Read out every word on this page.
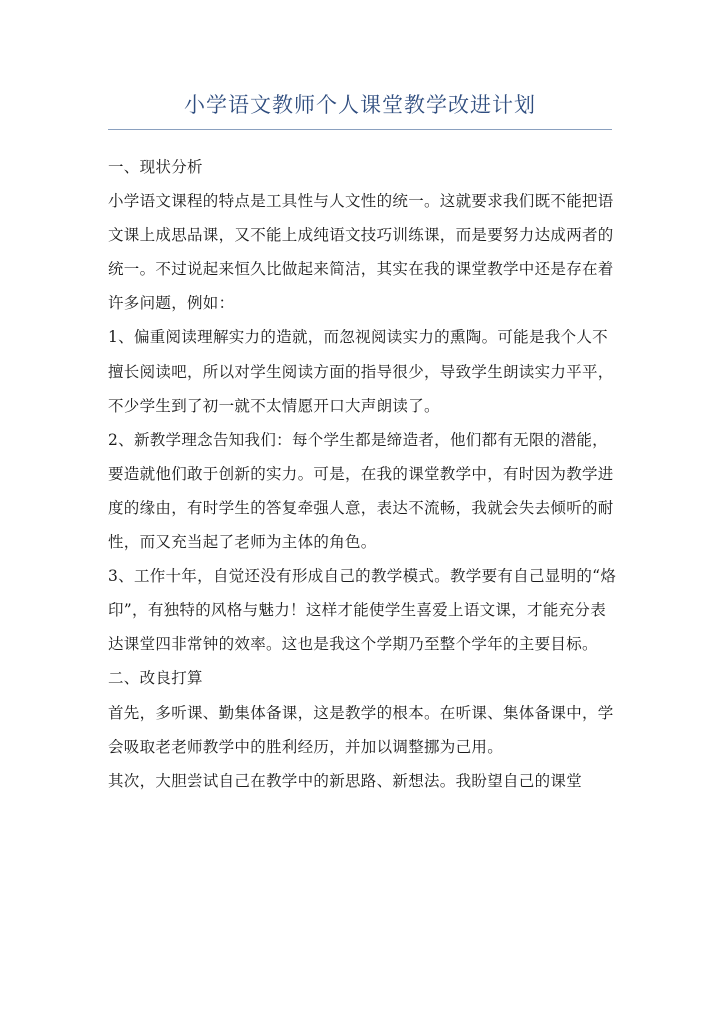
小学语文教师个人课堂教学改进计划

一、现状分析

小学语文课程的特点是工具性与人文性的统一。这就要求我们既不能把语文课上成思品课，又不能上成纯语文技巧训练课，而是要努力达成两者的统一。不过说起来恒久比做起来简洁，其实在我的课堂教学中还是存在着许多问题，例如：

1、偏重阅读理解实力的造就，而忽视阅读实力的熏陶。可能是我个人不擅长阅读吧，所以对学生阅读方面的指导很少，导致学生朗读实力平平，不少学生到了初一就不太情愿开口大声朗读了。

2、新教学理念告知我们：每个学生都是缔造者，他们都有无限的潜能，要造就他们敢于创新的实力。可是，在我的课堂教学中，有时因为教学进度的缘由，有时学生的答复牵强人意，表达不流畅，我就会失去倾听的耐性，而又充当起了老师为主体的角色。

3、工作十年，自觉还没有形成自己的教学模式。教学要有自己显明的“烙印”，有独特的风格与魅力！这样才能使学生喜爱上语文课，才能充分表达课堂四非常钟的效率。这也是我这个学期乃至整个学年的主要目标。

二、改良打算

首先，多听课、勤集体备课，这是教学的根本。在听课、集体备课中，学会吸取老老师教学中的胜利经历，并加以调整挪为己用。

其次，大胆尝试自己在教学中的新思路、新想法。我盼望自己的课堂
